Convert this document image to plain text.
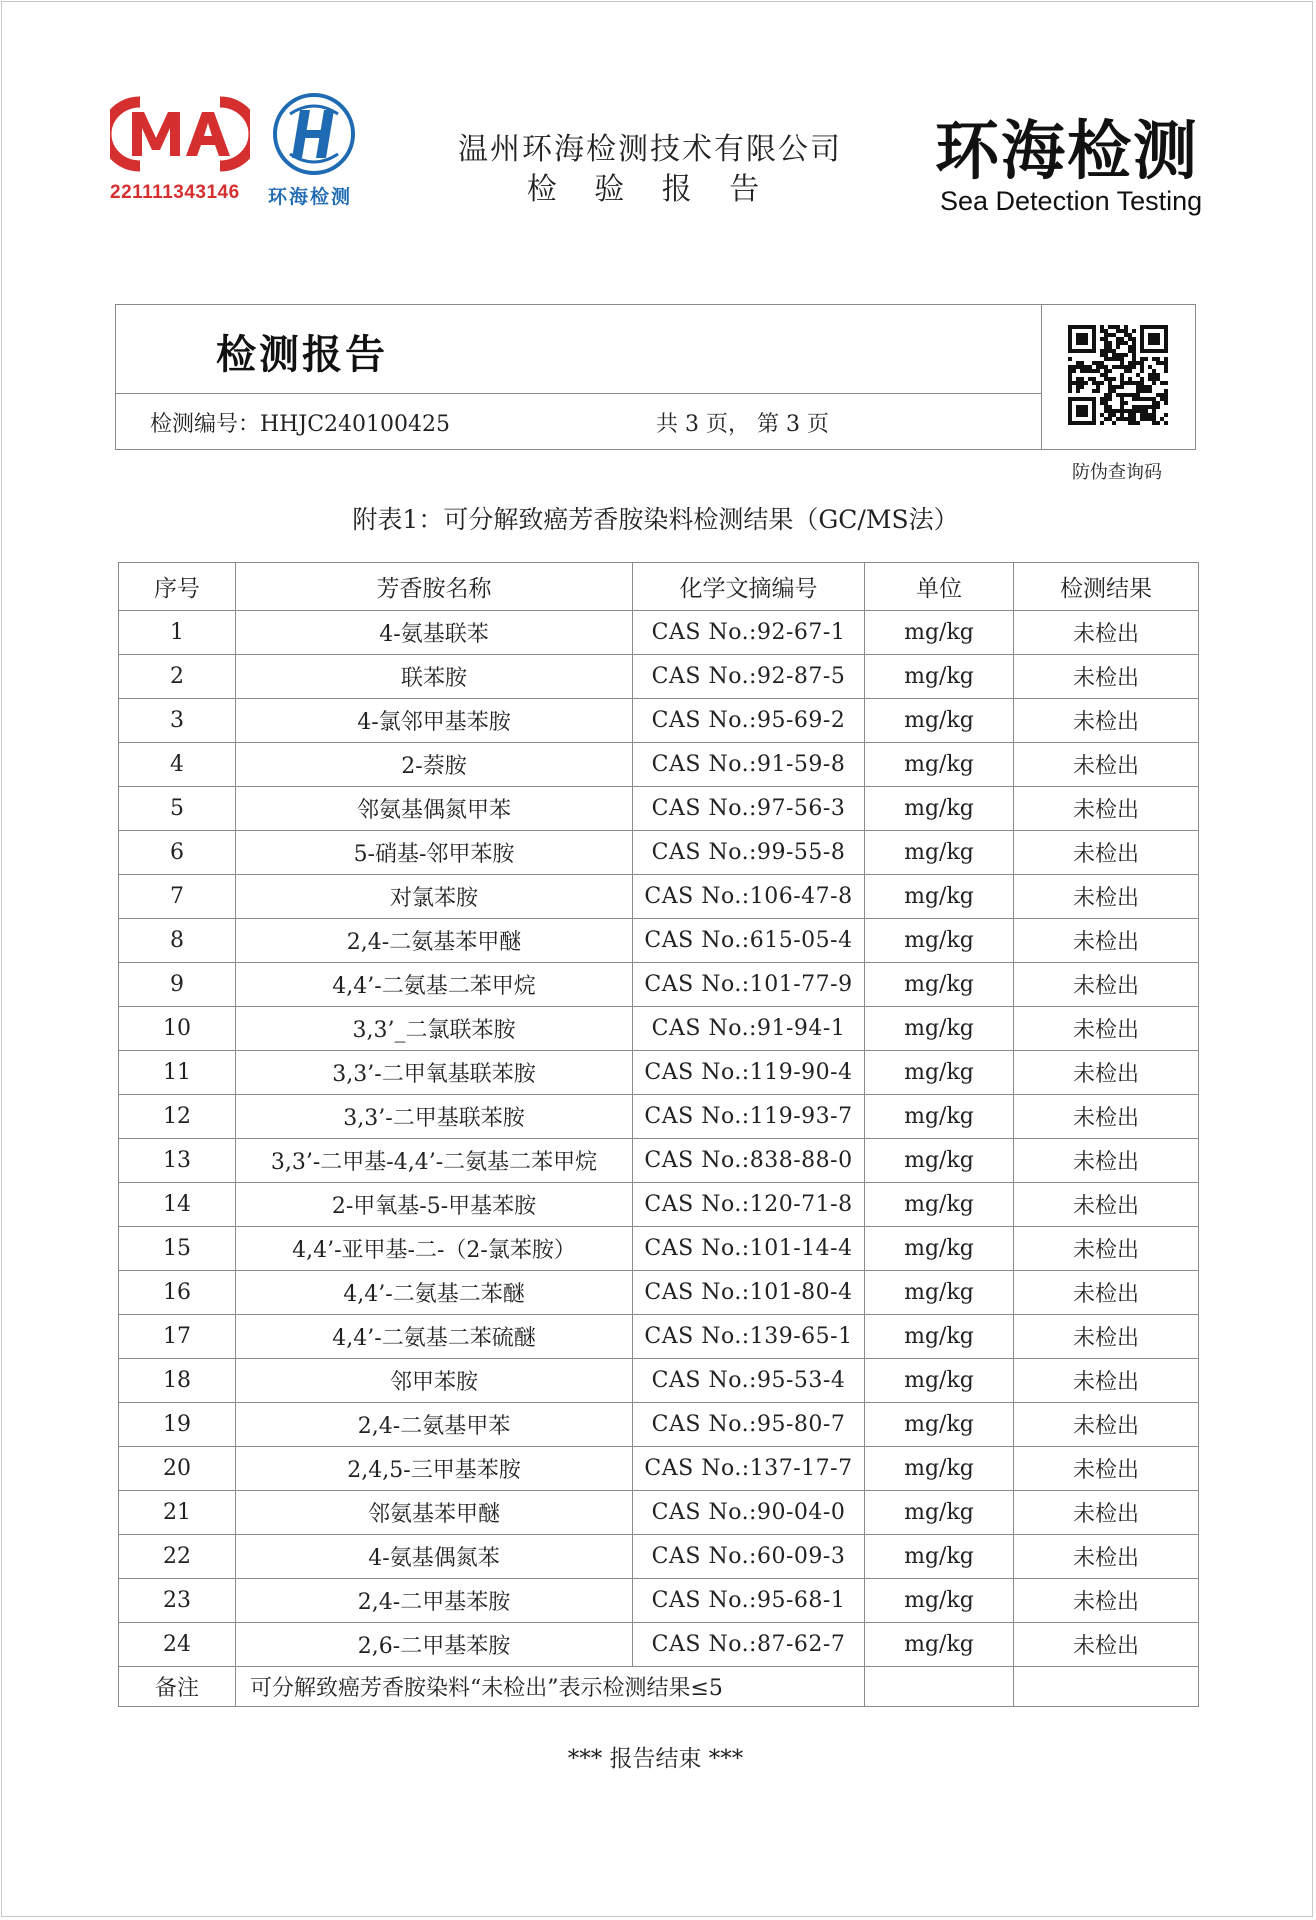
221111343146 环海检测
温州环海检测技术有限公司
检 验 报 告
环海检测
Sea Detection Testing
检测报告
检测编号：HHJC240100425	共 3 页， 第 3 页
防伪查询码
附表1：可分解致癌芳香胺染料检测结果（GC/MS法）
序号	芳香胺名称	化学文摘编号	单位	检测结果
1	4-氨基联苯	CAS No.:92-67-1	mg/kg	未检出
2	联苯胺	CAS No.:92-87-5	mg/kg	未检出
3	4-氯邻甲基苯胺	CAS No.:95-69-2	mg/kg	未检出
4	2-萘胺	CAS No.:91-59-8	mg/kg	未检出
5	邻氨基偶氮甲苯	CAS No.:97-56-3	mg/kg	未检出
6	5-硝基-邻甲苯胺	CAS No.:99-55-8	mg/kg	未检出
7	对氯苯胺	CAS No.:106-47-8	mg/kg	未检出
8	2,4-二氨基苯甲醚	CAS No.:615-05-4	mg/kg	未检出
9	4,4’-二氨基二苯甲烷	CAS No.:101-77-9	mg/kg	未检出
10	3,3’_二氯联苯胺	CAS No.:91-94-1	mg/kg	未检出
11	3,3’-二甲氧基联苯胺	CAS No.:119-90-4	mg/kg	未检出
12	3,3’-二甲基联苯胺	CAS No.:119-93-7	mg/kg	未检出
13	3,3’-二甲基-4,4’-二氨基二苯甲烷	CAS No.:838-88-0	mg/kg	未检出
14	2-甲氧基-5-甲基苯胺	CAS No.:120-71-8	mg/kg	未检出
15	4,4’-亚甲基-二-（2-氯苯胺）	CAS No.:101-14-4	mg/kg	未检出
16	4,4’-二氨基二苯醚	CAS No.:101-80-4	mg/kg	未检出
17	4,4’-二氨基二苯硫醚	CAS No.:139-65-1	mg/kg	未检出
18	邻甲苯胺	CAS No.:95-53-4	mg/kg	未检出
19	2,4-二氨基甲苯	CAS No.:95-80-7	mg/kg	未检出
20	2,4,5-三甲基苯胺	CAS No.:137-17-7	mg/kg	未检出
21	邻氨基苯甲醚	CAS No.:90-04-0	mg/kg	未检出
22	4-氨基偶氮苯	CAS No.:60-09-3	mg/kg	未检出
23	2,4-二甲基苯胺	CAS No.:95-68-1	mg/kg	未检出
24	2,6-二甲基苯胺	CAS No.:87-62-7	mg/kg	未检出
备注	可分解致癌芳香胺染料“未检出”表示检测结果≤5			
*** 报告结束 ***
